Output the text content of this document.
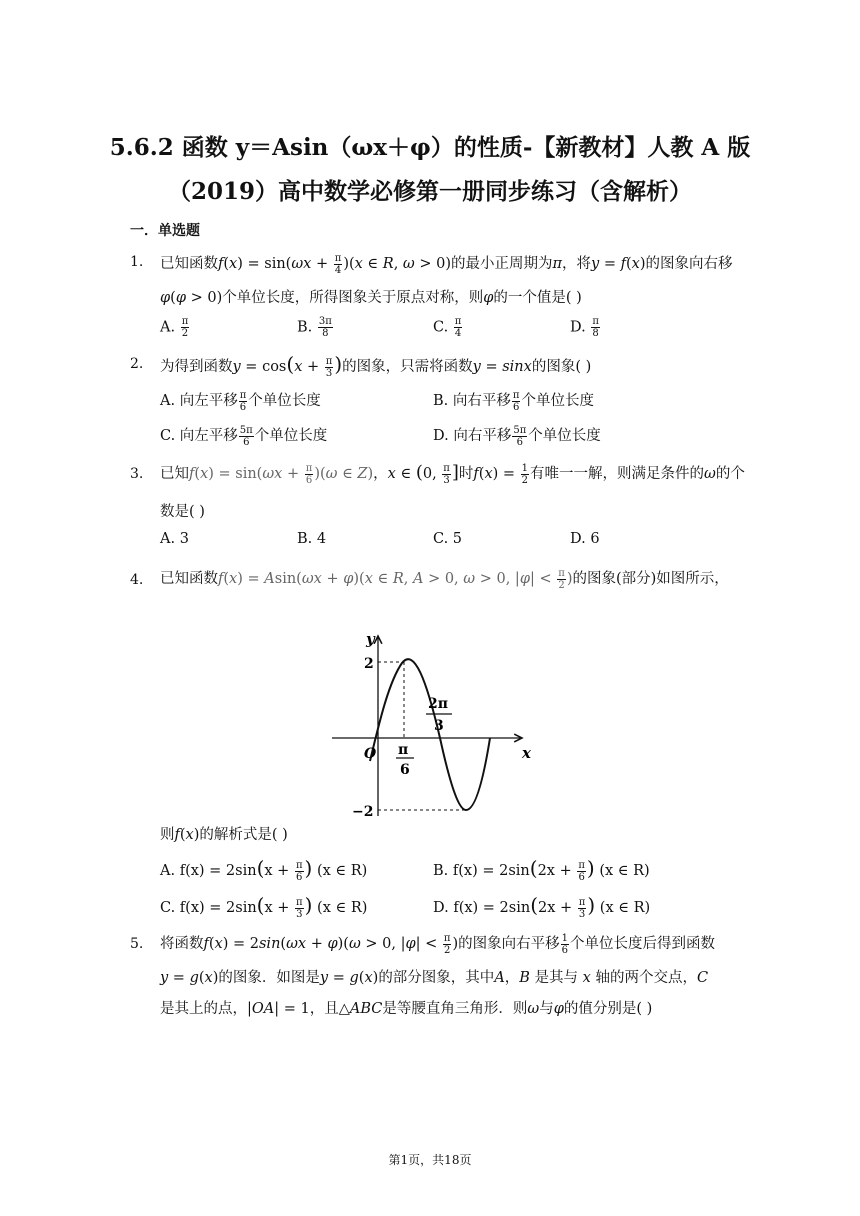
5.6.2 函数 y＝Asin（ωx＋φ）的性质-【新教材】人教 A 版
（2019）高中数学必修第一册同步练习（含解析）
一．单选题
1. 已知函数$f(x) = \sin(\omega x + \frac{\pi}{4} )(x$ ∈ R, ω > 0)的最小正周期为π，将y = f(x)的图象向右移
φ(φ > 0)个单位长度，所得图象关于原点对称，则φ的一个值是( )
A. $\frac{\pi}{2}$	B. $\frac{3\pi}{8}$	C. $\frac{\pi}{4}$	D. $\frac{\pi}{8}$
2. 为得到函数$y = \cos(x + \frac{\pi}{3}$ )的图象，只需将函数y = sinx的图象( )
A. 向左平移 $\frac{\pi}{6}$ 个单位长度	B. 向右平移 $\frac{\pi}{6}$ 个单位长度
C. 向左平移 $\frac{5\pi}{6}$ 个单位长度	D. 向右平移 $\frac{5\pi}{6}$ 个单位长度
3. 已知$f(x) = \sin(\omega x + \frac{\pi}{6} )(\omega$ ∈ Z)，x ∈ (0, $\frac{\pi}{3}$ ]时$f(x) = \frac{1}{2}$ 有唯一一解，则满足条件的ω的个
数是( )
A. 3	B. 4	C. 5	D. 6
4. 已知函数f(x) = Asin(ωx + φ)(x ∈ R, A > 0, ω > 0, $|\varphi| < \frac{\pi}{2}$ )的图象(部分)如图所示，
y
x
O
2
−2
π
6
2π
3
则f(x)的解析式是( )
A. $f(x) = 2\sin(x + \frac{\pi}{6}$ ) (x ∈ R)	B. $f(x) = 2\sin(2x + \frac{\pi}{6}$ ) (x ∈ R)
C. $f(x) = 2\sin(x + \frac{\pi}{3}$ ) (x ∈ R)	D. $f(x) = 2\sin(2x + \frac{\pi}{3}$ ) (x ∈ R)
5. 将函数f(x) = 2sin(ωx + φ)(ω > 0, $|\varphi| < \frac{\pi}{2}$ )的图象向右平移 $\frac{1}{6}$ 个单位长度后得到函数
y = g(x)的图象．如图是y = g(x)的部分图象，其中A，B 是其与 x 轴的两个交点，C
是其上的点，|OA| = 1，且△ABC是等腰直角三角形．则ω与φ的值分别是( )
第1页，共18页
